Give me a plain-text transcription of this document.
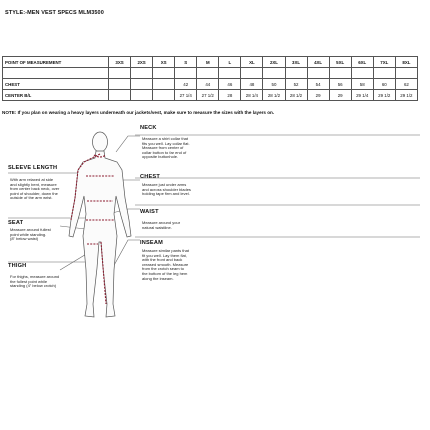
STYLE:-MEN VEST SPECS MLM3500
POINT OF MEASUREMENT	3XS	2XS	XS	S	M	L	XL	2XL	3XL	4XL	5XL	6XL	7XL	8XL

CHEST				42	44	46	48	50	52	54	56	58	60	62
CENTER B/L				27 1/4	27 1/2	28	28 1/4	28 1/2	28 1/2	29	29	29 1/4	29 1/2	29 1/2
NOTE: If you plan on wearing a heavy layers underneath our jackets/vest, make sure to measure the sizes with the layers on.
NECK
Measure a shirt collar that
fits you well. Lay collar flat.
Measure from center of
collar button to far end of
opposite buttonhole.
CHEST
Measure just under arms
and across shoulder blades
holding tape firm and level.
WAIST
Measure around your
natural waistline.
INSEAM
Measure similar pants that
fit you well. Lay them flat,
with the front and back
creased smooth. Measure
from the crotch seam to
the bottom of the leg hem
along the inseam.
SLEEVE LENGTH
With arm relaxed at side
and slightly bent, measure
from center back neck, over
point of shoulder, down the
outside of the arm wrist.
SEAT
Measure around fullest
point while standing.
(8" below waist)
THIGH
For thighs, measure around
the fullest point while
standing (4" below crotch)
